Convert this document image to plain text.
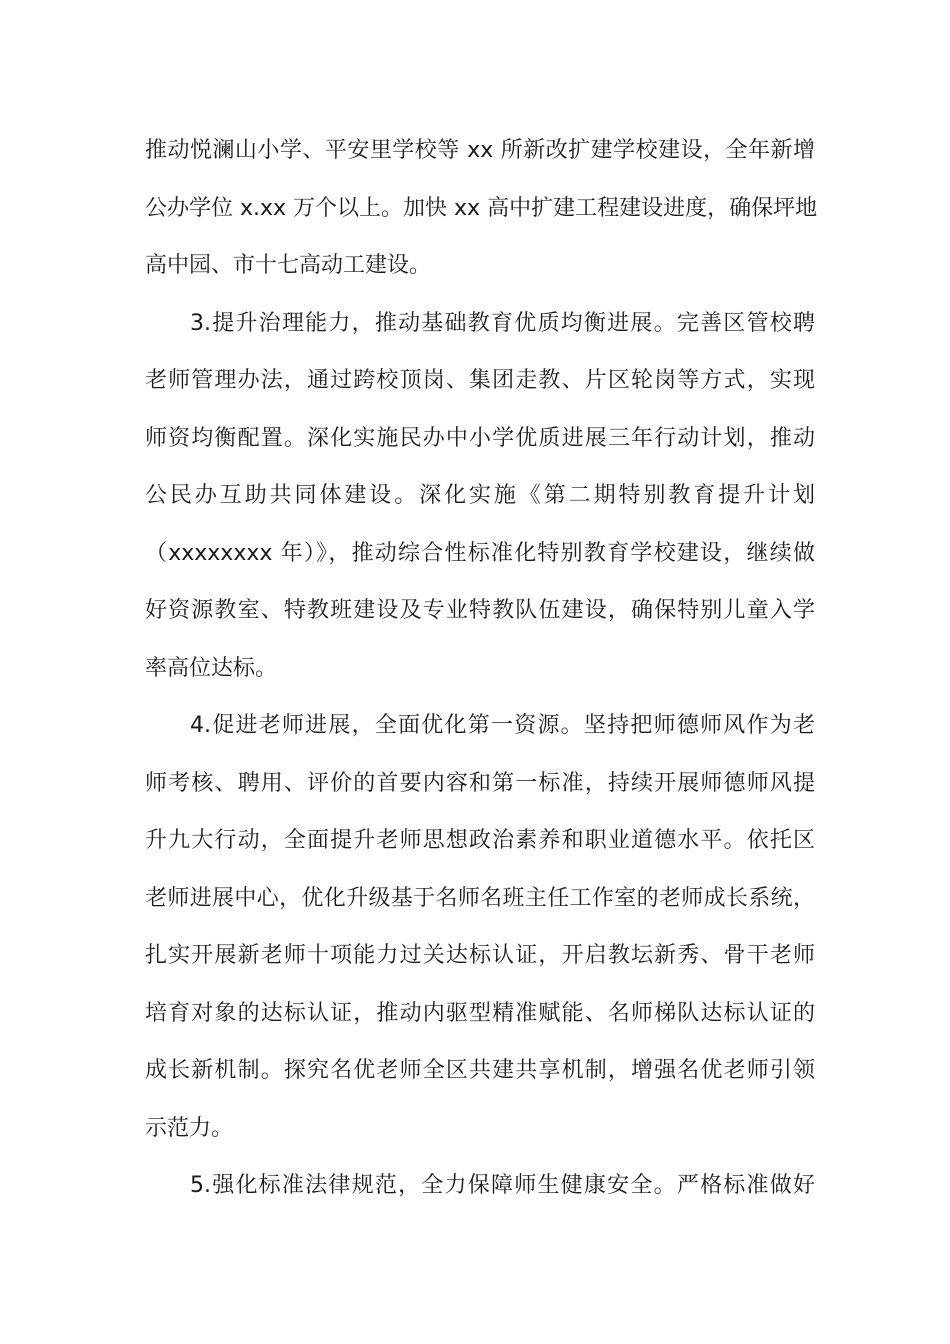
推动悦澜山小学、平安里学校等 xx 所新改扩建学校建设，全年新增
公办学位 x.xx 万个以上。加快 xx 高中扩建工程建设进度，确保坪地
高中园、市十七高动工建设。
3.提升治理能力，推动基础教育优质均衡进展。完善区管校聘
老师管理办法，通过跨校顶岗、集团走教、片区轮岗等方式，实现
师资均衡配置。深化实施民办中小学优质进展三年行动计划，推动
公民办互助共同体建设。深化实施《第二期特别教育提升计划
（xxxxxxxx 年）》，推动综合性标准化特别教育学校建设，继续做
好资源教室、特教班建设及专业特教队伍建设，确保特别儿童入学
率高位达标。
4.促进老师进展，全面优化第一资源。坚持把师德师风作为老
师考核、聘用、评价的首要内容和第一标准，持续开展师德师风提
升九大行动，全面提升老师思想政治素养和职业道德水平。依托区
老师进展中心，优化升级基于名师名班主任工作室的老师成长系统，
扎实开展新老师十项能力过关达标认证，开启教坛新秀、骨干老师
培育对象的达标认证，推动内驱型精准赋能、名师梯队达标认证的
成长新机制。探究名优老师全区共建共享机制，增强名优老师引领
示范力。
5.强化标准法律规范，全力保障师生健康安全。严格标准做好
